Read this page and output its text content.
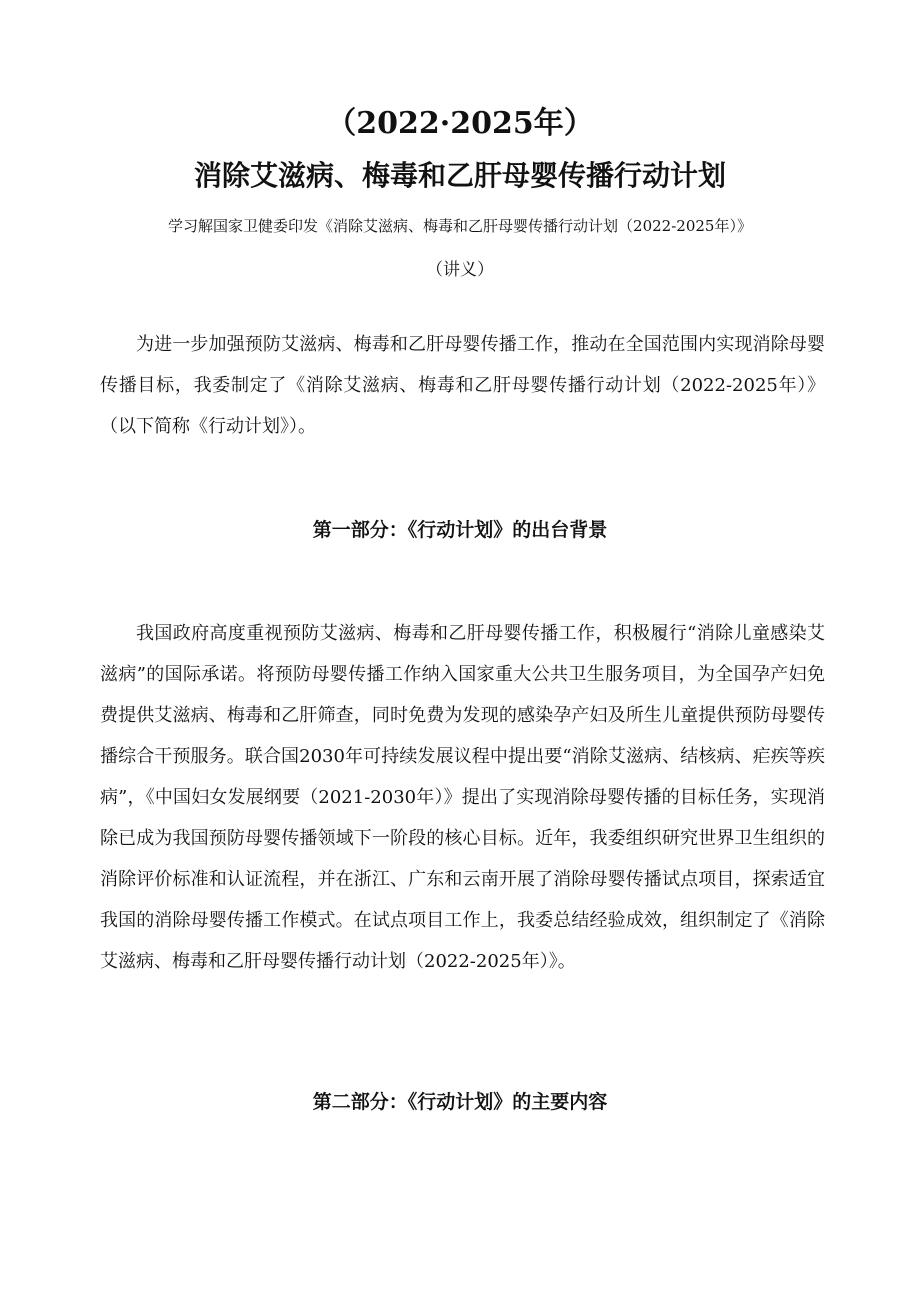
（2022·2025年）
消除艾滋病、梅毒和乙肝母婴传播行动计划
学习解国家卫健委印发《消除艾滋病、梅毒和乙肝母婴传播行动计划（2022-2025年）》
（讲义）

为进一步加强预防艾滋病、梅毒和乙肝母婴传播工作，推动在全国范围内实现消除母婴传播目标，我委制定了《消除艾滋病、梅毒和乙肝母婴传播行动计划（2022-2025年）》（以下简称《行动计划》）。

第一部分：《行动计划》的出台背景

我国政府高度重视预防艾滋病、梅毒和乙肝母婴传播工作，积极履行“消除儿童感染艾滋病”的国际承诺。将预防母婴传播工作纳入国家重大公共卫生服务项目，为全国孕产妇免费提供艾滋病、梅毒和乙肝筛查，同时免费为发现的感染孕产妇及所生儿童提供预防母婴传播综合干预服务。联合国2030年可持续发展议程中提出要“消除艾滋病、结核病、疟疾等疾病”，《中国妇女发展纲要（2021-2030年）》提出了实现消除母婴传播的目标任务，实现消除已成为我国预防母婴传播领域下一阶段的核心目标。近年，我委组织研究世界卫生组织的消除评价标准和认证流程，并在浙江、广东和云南开展了消除母婴传播试点项目，探索适宜我国的消除母婴传播工作模式。在试点项目工作上，我委总结经验成效，组织制定了《消除艾滋病、梅毒和乙肝母婴传播行动计划（2022-2025年）》。

第二部分：《行动计划》的主要内容
